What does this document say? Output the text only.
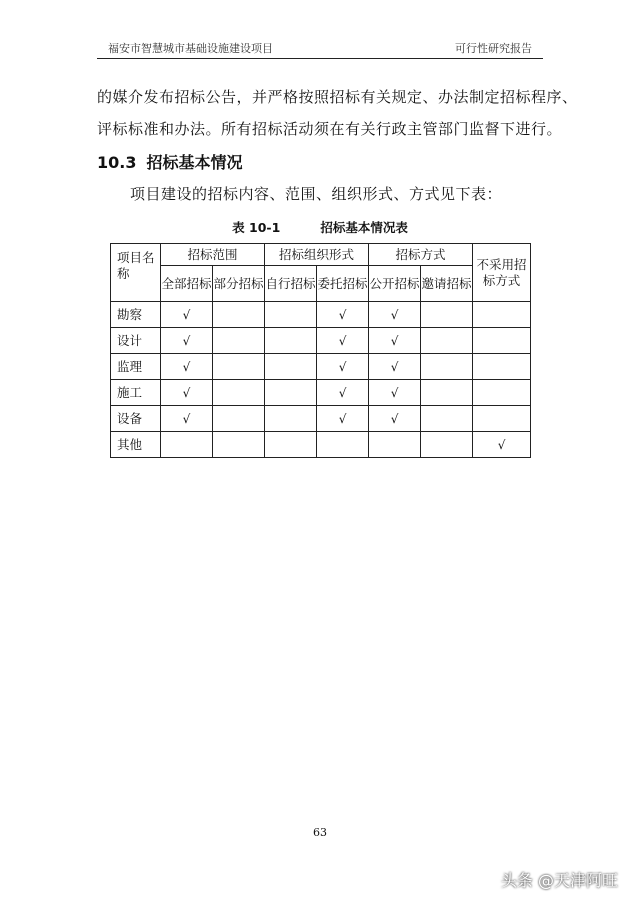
福安市智慧城市基础设施建设项目	可行性研究报告
的媒介发布招标公告，并严格按照招标有关规定、办法制定招标程序、
评标标准和办法。所有招标活动须在有关行政主管部门监督下进行。
10.3 招标基本情况
项目建设的招标内容、范围、组织形式、方式见下表：
表 10-1	招标基本情况表
项目名称	招标范围		招标组织形式		招标方式		不采用招标方式
	全部招标	部分招标	自行招标	委托招标	公开招标	邀请招标	
勘察	√			√	√		
设计	√			√	√		
监理	√			√	√		
施工	√			√	√		
设备	√			√	√		
其他							√
63
头条 @天津阿旺
